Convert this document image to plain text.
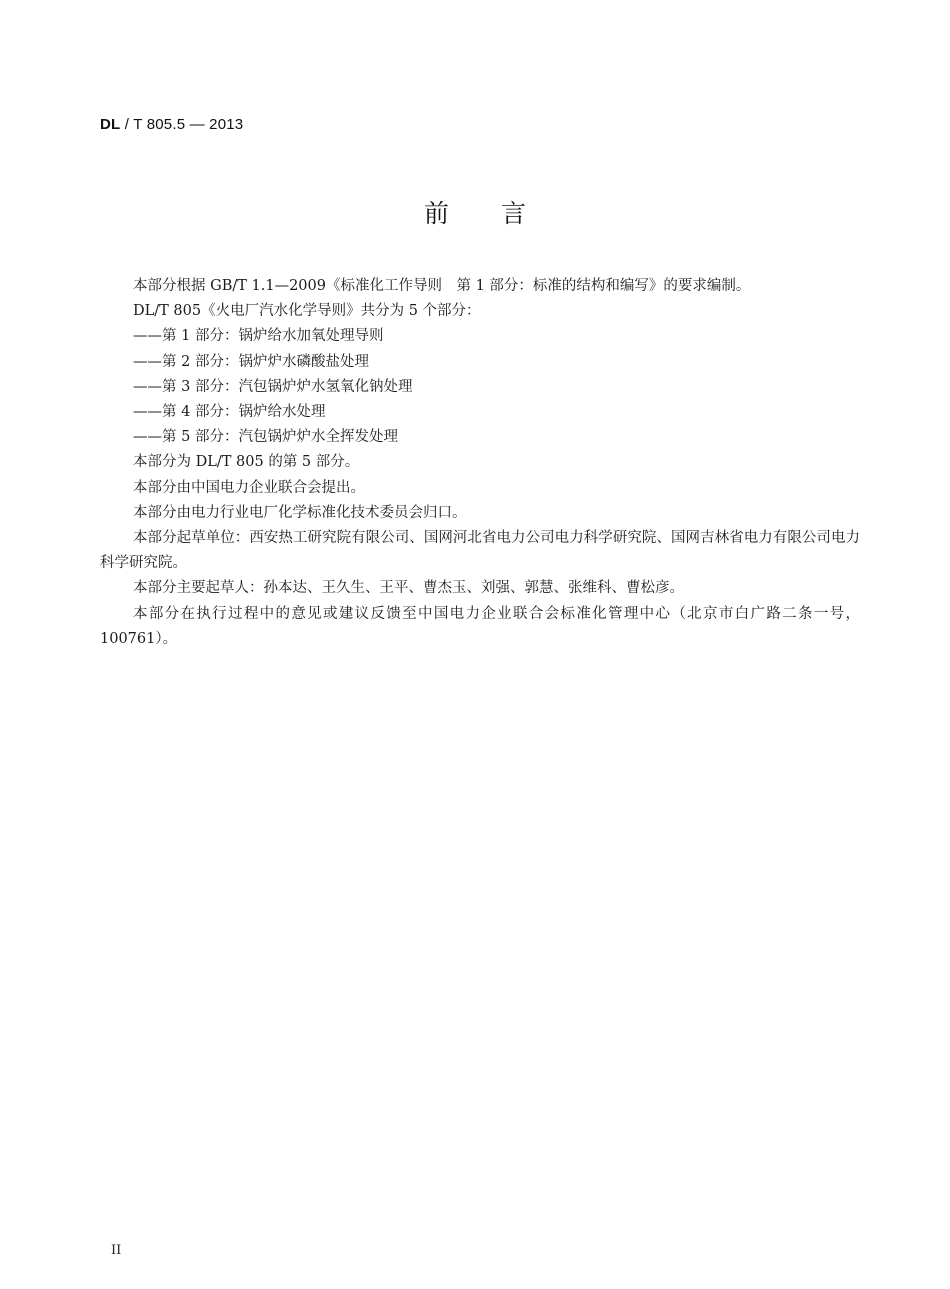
DL / T 805.5 — 2013
前言

本部分根据 GB/T 1.1—2009《标准化工作导则　第 1 部分：标准的结构和编写》的要求编制。

DL/T 805《火电厂汽水化学导则》共分为 5 个部分：

——第 1 部分：锅炉给水加氧处理导则

——第 2 部分：锅炉炉水磷酸盐处理

——第 3 部分：汽包锅炉炉水氢氧化钠处理

——第 4 部分：锅炉给水处理

——第 5 部分：汽包锅炉炉水全挥发处理

本部分为 DL/T 805 的第 5 部分。

本部分由中国电力企业联合会提出。

本部分由电力行业电厂化学标准化技术委员会归口。

本部分起草单位：西安热工研究院有限公司、国网河北省电力公司电力科学研究院、国网吉林省电力有限公司电力科学研究院。

本部分主要起草人：孙本达、王久生、王平、曹杰玉、刘强、郭慧、张维科、曹松彦。

本部分在执行过程中的意见或建议反馈至中国电力企业联合会标准化管理中心（北京市白广路二条一号，100761）。

II
